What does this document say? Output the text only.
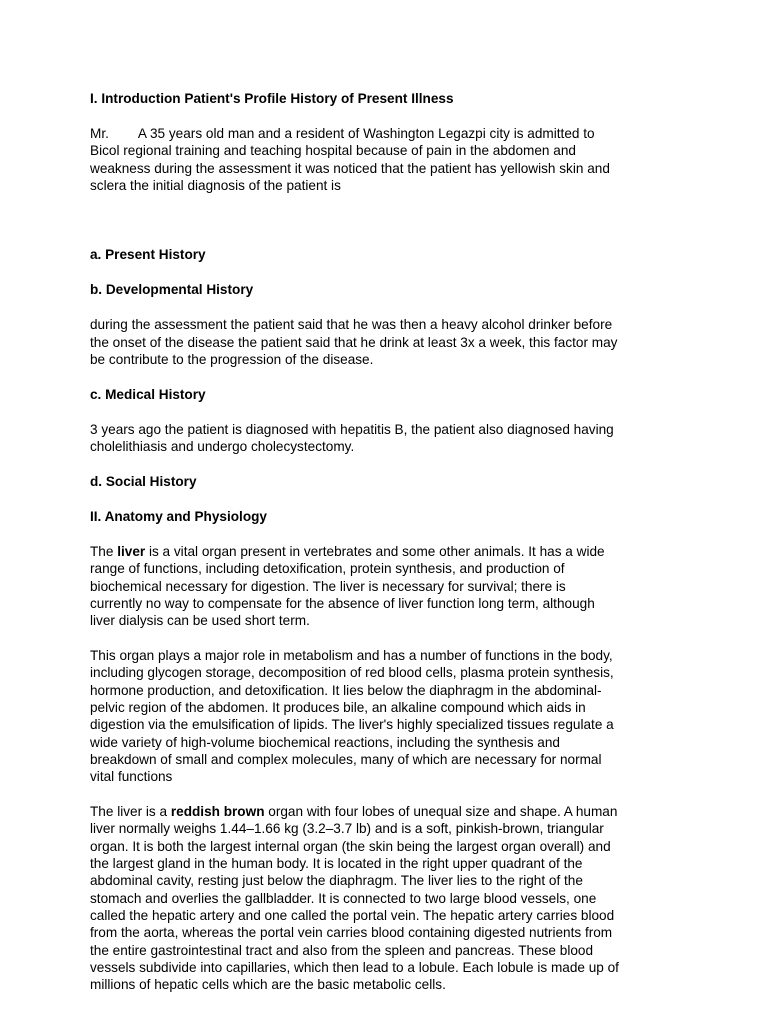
I. Introduction Patient's Profile History of Present Illness
Mr. A 35 years old man and a resident of Washington Legazpi city is admitted to
Bicol regional training and teaching hospital because of pain in the abdomen and
weakness during the assessment it was noticed that the patient has yellowish skin and
sclera the initial diagnosis of the patient is
a. Present History
b. Developmental History
during the assessment the patient said that he was then a heavy alcohol drinker before
the onset of the disease the patient said that he drink at least 3x a week, this factor may
be contribute to the progression of the disease.
c. Medical History
3 years ago the patient is diagnosed with hepatitis B, the patient also diagnosed having
cholelithiasis and undergo cholecystectomy.
d. Social History
II. Anatomy and Physiology
The liver is a vital organ present in vertebrates and some other animals. It has a wide
range of functions, including detoxification, protein synthesis, and production of
biochemical necessary for digestion. The liver is necessary for survival; there is
currently no way to compensate for the absence of liver function long term, although
liver dialysis can be used short term.
This organ plays a major role in metabolism and has a number of functions in the body,
including glycogen storage, decomposition of red blood cells, plasma protein synthesis,
hormone production, and detoxification. It lies below the diaphragm in the abdominal-
pelvic region of the abdomen. It produces bile, an alkaline compound which aids in
digestion via the emulsification of lipids. The liver's highly specialized tissues regulate a
wide variety of high-volume biochemical reactions, including the synthesis and
breakdown of small and complex molecules, many of which are necessary for normal
vital functions
The liver is a reddish brown organ with four lobes of unequal size and shape. A human
liver normally weighs 1.44–1.66 kg (3.2–3.7 lb) and is a soft, pinkish-brown, triangular
organ. It is both the largest internal organ (the skin being the largest organ overall) and
the largest gland in the human body. It is located in the right upper quadrant of the
abdominal cavity, resting just below the diaphragm. The liver lies to the right of the
stomach and overlies the gallbladder. It is connected to two large blood vessels, one
called the hepatic artery and one called the portal vein. The hepatic artery carries blood
from the aorta, whereas the portal vein carries blood containing digested nutrients from
the entire gastrointestinal tract and also from the spleen and pancreas. These blood
vessels subdivide into capillaries, which then lead to a lobule. Each lobule is made up of
millions of hepatic cells which are the basic metabolic cells.
